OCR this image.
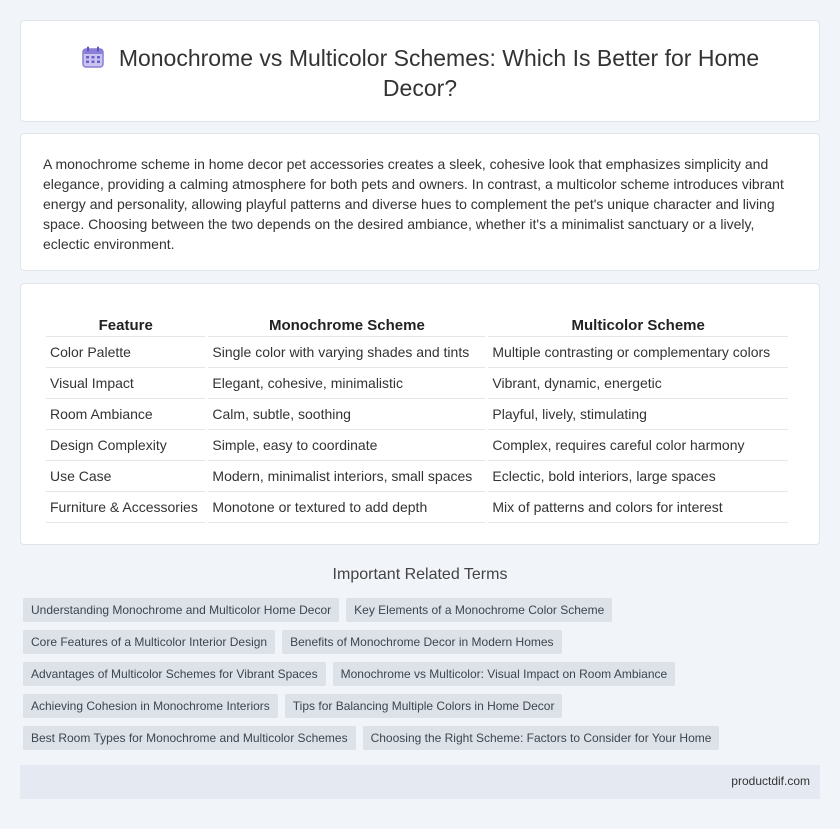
Monochrome vs Multicolor Schemes: Which Is Better for Home Decor?

A monochrome scheme in home decor pet accessories creates a sleek, cohesive look that emphasizes simplicity and elegance, providing a calming atmosphere for both pets and owners. In contrast, a multicolor scheme introduces vibrant energy and personality, allowing playful patterns and diverse hues to complement the pet's unique character and living space. Choosing between the two depends on the desired ambiance, whether it's a minimalist sanctuary or a lively, eclectic environment.

Feature	Monochrome Scheme	Multicolor Scheme
Color Palette	Single color with varying shades and tints	Multiple contrasting or complementary colors
Visual Impact	Elegant, cohesive, minimalistic	Vibrant, dynamic, energetic
Room Ambiance	Calm, subtle, soothing	Playful, lively, stimulating
Design Complexity	Simple, easy to coordinate	Complex, requires careful color harmony
Use Case	Modern, minimalist interiors, small spaces	Eclectic, bold interiors, large spaces
Furniture & Accessories	Monotone or textured to add depth	Mix of patterns and colors for interest
Important Related Terms
Understanding Monochrome and Multicolor Home Decor	Key Elements of a Monochrome Color Scheme
Core Features of a Multicolor Interior Design	Benefits of Monochrome Decor in Modern Homes
Advantages of Multicolor Schemes for Vibrant Spaces	Monochrome vs Multicolor: Visual Impact on Room Ambiance
Achieving Cohesion in Monochrome Interiors	Tips for Balancing Multiple Colors in Home Decor
Best Room Types for Monochrome and Multicolor Schemes	Choosing the Right Scheme: Factors to Consider for Your Home
productdif.com
